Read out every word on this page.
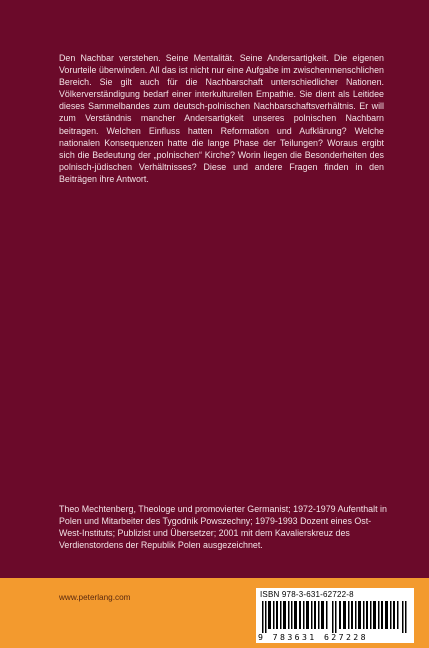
Den Nachbar verstehen. Seine Mentalität. Seine Andersartigkeit. Die eigenen Vorurteile überwinden. All das ist nicht nur eine Aufgabe im zwischenmenschlichen Bereich. Sie gilt auch für die Nachbarschaft unterschiedlicher Nationen. Völkerverständigung bedarf einer interkulturellen Empathie. Sie dient als Leitidee dieses Sammelbandes zum deutsch-polnischen Nachbarschaftsverhältnis. Er will zum Verständnis mancher Andersartigkeit unseres polnischen Nachbarn beitragen. Welchen Einfluss hatten Reformation und Aufklärung? Welche nationalen Konsequenzen hatte die lange Phase der Teilungen? Woraus ergibt sich die Bedeutung der „polnischen“ Kirche? Worin liegen die Besonderheiten des polnisch-jüdischen Verhältnisses? Diese und andere Fragen finden in den Beiträgen ihre Antwort.

Theo Mechtenberg, Theologe und promovierter Germanist; 1972-1979 Aufenthalt in Polen und Mitarbeiter des Tygodnik Powszechny; 1979-1993 Dozent eines Ost-West-Instituts; Publizist und Übersetzer; 2001 mit dem Kavalierskreuz des Verdienstordens der Republik Polen ausgezeichnet.

www.peterlang.com	ISBN 978-3-631-62722-8
9 783631 627228
